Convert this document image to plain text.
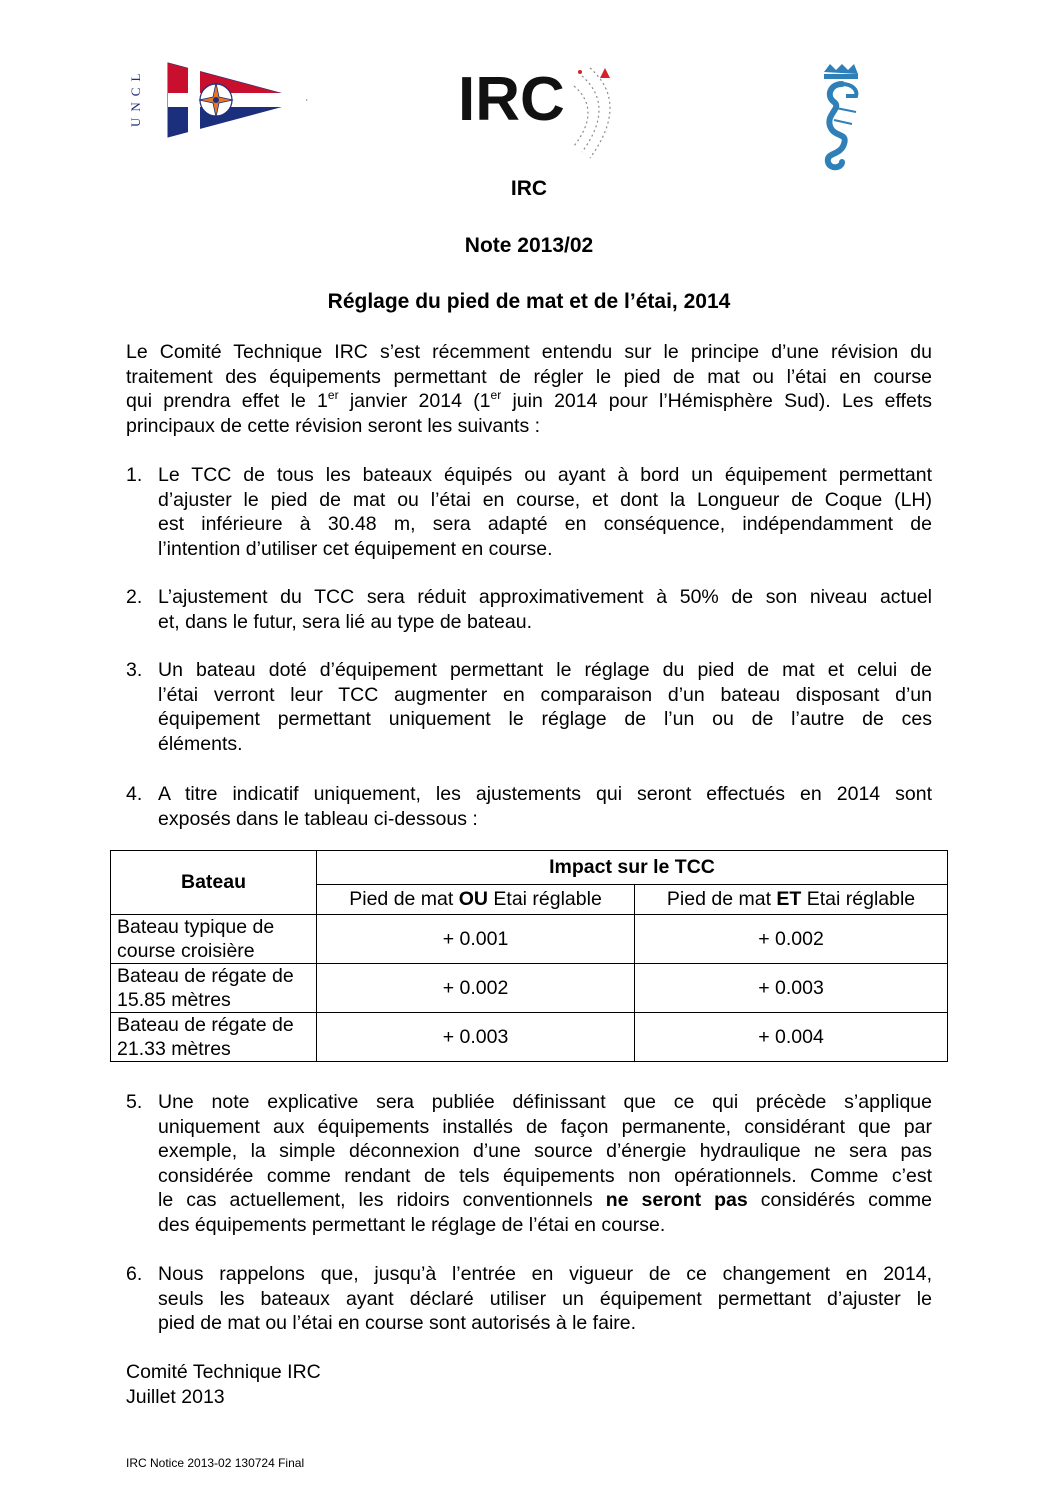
UNCL	IRC
IRC
Note 2013/02
Réglage du pied de mat et de l’étai, 2014
Le Comité Technique IRC s’est récemment entendu sur le principe d’une révision du
traitement des équipements permettant de régler le pied de mat ou l’étai en course
qui prendra effet le 1er janvier 2014 (1er juin 2014 pour l’Hémisphère Sud). Les effets
principaux de cette révision seront les suivants :
1. Le TCC de tous les bateaux équipés ou ayant à bord un équipement permettant
d’ajuster le pied de mat ou l’étai en course, et dont la Longueur de Coque (LH)
est inférieure à 30.48 m, sera adapté en conséquence, indépendamment de
l’intention d’utiliser cet équipement en course.
2. L’ajustement du TCC sera réduit approximativement à 50% de son niveau actuel
et, dans le futur, sera lié au type de bateau.
3. Un bateau doté d’équipement permettant le réglage du pied de mat et celui de
l’étai verront leur TCC augmenter en comparaison d’un bateau disposant d’un
équipement permettant uniquement le réglage de l’un ou de l’autre de ces
éléments.
4. A titre indicatif uniquement, les ajustements qui seront effectués en 2014 sont
exposés dans le tableau ci-dessous :
Bateau	Impact sur le TCC	
	Pied de mat OU Etai réglable	Pied de mat ET Etai réglable
Bateau typique de
course croisière	+ 0.001	+ 0.002
Bateau de régate de
15.85 mètres	+ 0.002	+ 0.003
Bateau de régate de
21.33 mètres	+ 0.003	+ 0.004
5. Une note explicative sera publiée définissant que ce qui précède s’applique
uniquement aux équipements installés de façon permanente, considérant que par
exemple, la simple déconnexion d’une source d’énergie hydraulique ne sera pas
considérée comme rendant de tels équipements non opérationnels. Comme c’est
le cas actuellement, les ridoirs conventionnels ne seront pas considérés comme
des équipements permettant le réglage de l’étai en course.
6. Nous rappelons que, jusqu’à l’entrée en vigueur de ce changement en 2014,
seuls les bateaux ayant déclaré utiliser un équipement permettant d’ajuster le
pied de mat ou l’étai en course sont autorisés à le faire.
Comité Technique IRC
Juillet 2013
IRC Notice 2013-02 130724 Final
